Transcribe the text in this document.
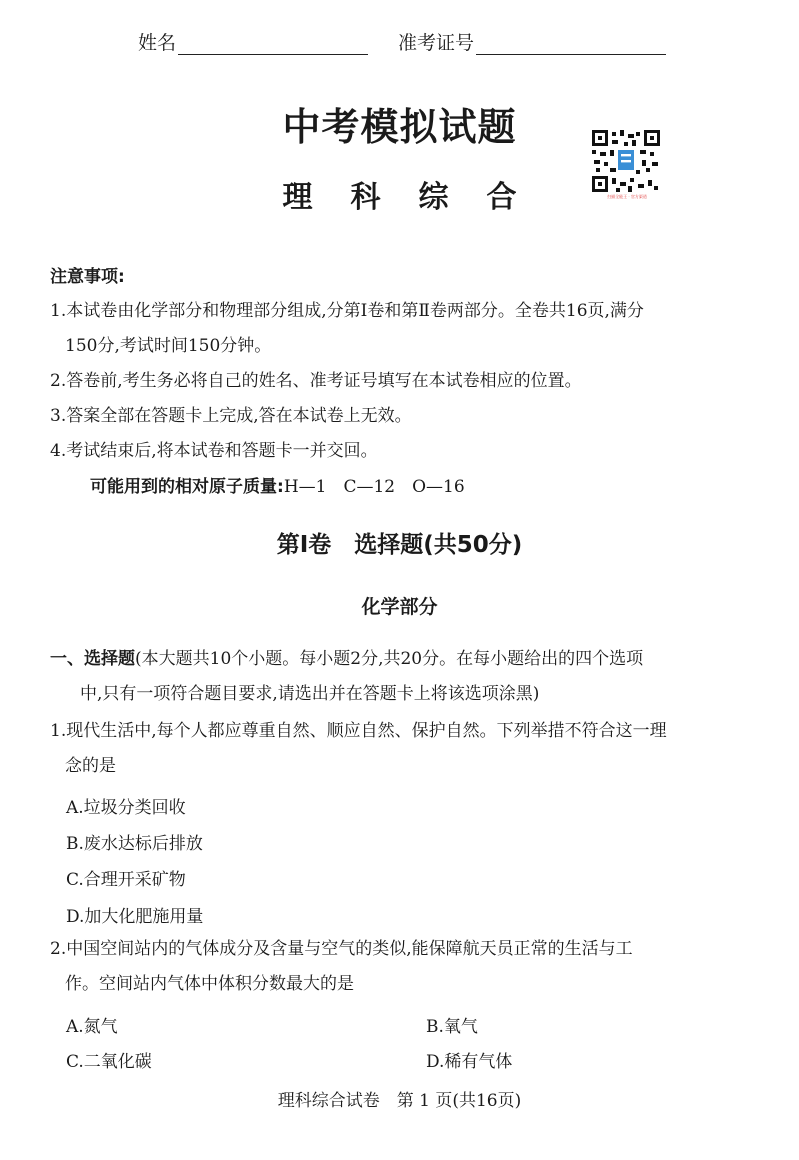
姓名	准考证号
中考模拟试题
理科综合	扫描全能王 · 官方渠道
注意事项:
1.本试卷由化学部分和物理部分组成,分第Ⅰ卷和第Ⅱ卷两部分。全卷共16页,满分
150分,考试时间150分钟。
2.答卷前,考生务必将自己的姓名、准考证号填写在本试卷相应的位置。
3.答案全部在答题卡上完成,答在本试卷上无效。
4.考试结束后,将本试卷和答题卡一并交回。
可能用到的相对原子质量:H—1　C—12　O—16
第Ⅰ卷　选择题(共50分)
化学部分
一、选择题(本大题共10个小题。每小题2分,共20分。在每小题给出的四个选项
中,只有一项符合题目要求,请选出并在答题卡上将该选项涂黑)
1.现代生活中,每个人都应尊重自然、顺应自然、保护自然。下列举措不符合这一理
念的是
A.垃圾分类回收
B.废水达标后排放
C.合理开采矿物
D.加大化肥施用量
2.中国空间站内的气体成分及含量与空气的类似,能保障航天员正常的生活与工
作。空间站内气体中体积分数最大的是
A.氮气	B.氧气
C.二氧化碳	D.稀有气体
理科综合试卷　第 1 页(共16页)
